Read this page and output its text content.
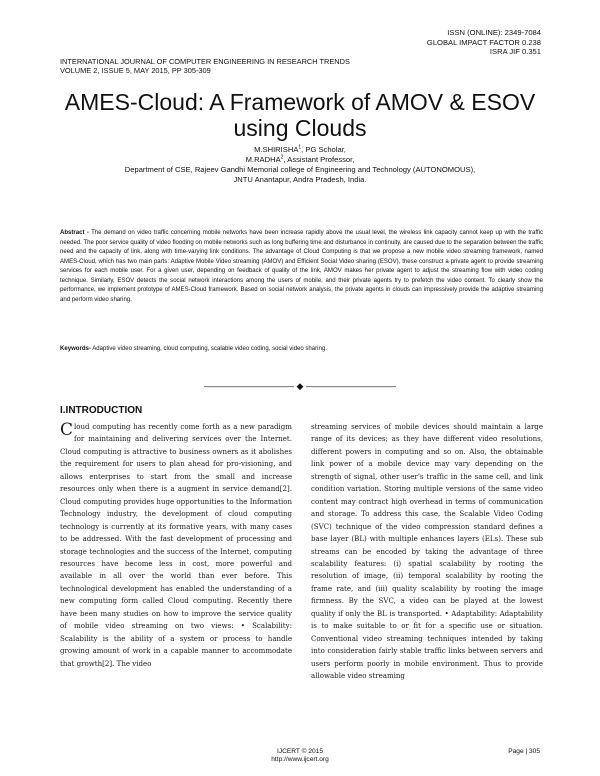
ISSN (ONLINE): 2349-7084
GLOBAL IMPACT FACTOR 0.238
ISRA JIF 0.351
INTERNATIONAL JOURNAL OF COMPUTER ENGINEERING IN RESEARCH TRENDS
VOLUME 2, ISSUE 5, MAY 2015, PP 305-309
AMES-Cloud: A Framework of AMOV & ESOV
using Clouds
M.SHIRISHA$^1$, PG Scholar,
M.RADHA$^2$, Assistant Professor,
Department of CSE, Rajeev Gandhi Memorial college of Engineering and Technology (AUTONOMOUS),
JNTU Anantapur, Andra Pradesh, India.
Abstract - The demand on video traffic concerning mobile networks have been increase rapidly above the usual level, the wireless link capacity cannot keep up with the traffic needed. The poor service quality of video flooding on mobile networks such as long buffering time and disturbance in continuity, are caused due to the separation between the traffic need and the capacity of link, along with time-varying link conditions. The advantage of Cloud Computing is that we propose a new mobile video streaming framework, named AMES-Cloud, which has two main parts: Adaptive Mobile Video streaming (AMOV) and Efficient Social Video sharing (ESOV), these construct a private agent to provide streaming services for each mobile user. For a given user, depending on feedback of quality of the link, AMOV makes her private agent to adjust the streaming flow with video coding technique. Similarly, ESOV detects the social network interactions among the users of mobile, and their private agents try to prefetch the video content. To clearly show the performance, we implement prototype of AMES-Cloud framework. Based on social network analysis, the private agents in clouds can impressively provide the adaptive streaming and perform video sharing.
Keywords- Adaptive video streaming, cloud computing, scalable video coding, social video sharing.
—————————— ◆ ——————————
I.INTRODUCTION

Cloud computing has recently come forth as a new paradigm for maintaining and delivering services over the Internet. Cloud computing is attractive to business owners as it abolishes the requirement for users to plan ahead for pro-visioning, and allows enterprises to start from the small and increase resources only when there is a augment in service demand[2]. Cloud computing provides huge opportunities to the Information Technology industry, the development of cloud computing technology is currently at its formative years, with many cases to be addressed. With the fast development of processing and storage technologies and the success of the Internet, computing resources have become less in cost, more powerful and available in all over the world than ever before. This technological development has enabled the understanding of a new computing form called Cloud computing. Recently there have been many studies on how to improve the service quality of mobile video streaming on two views: • Scalability: Scalability is the ability of a system or process to handle growing amount of work in a capable manner to accommodate that growth[2]. The video

streaming services of mobile devices should maintain a large range of its devices; as they have different video resolutions, different powers in computing and so on. Also, the obtainable link power of a mobile device may vary depending on the strength of signal, other user’s traffic in the same cell, and link condition variation. Storing multiple versions of the same video content may contract high overhead in terms of communication and storage. To address this case, the Scalable Video Coding (SVC) technique of the video compression standard defines a base layer (BL) with multiple enhances layers (ELs). These sub streams can be encoded by taking the advantage of three scalability features: (i) spatial scalability by rooting the resolution of image, (ii) temporal scalability by rooting the frame rate, and (iii) quality scalability by rooting the image firmness. By the SVC, a video can be played at the lowest quality if only the BL is transported. • Adaptability: Adaptability is to make suitable to or fit for a specific use or situation. Conventional video streaming techniques intended by taking into consideration fairly stable traffic links between servers and users perform poorly in mobile environment. Thus to provide allowable video streaming

IJCERT © 2015
http://www.ijcert.org
Page | 305
